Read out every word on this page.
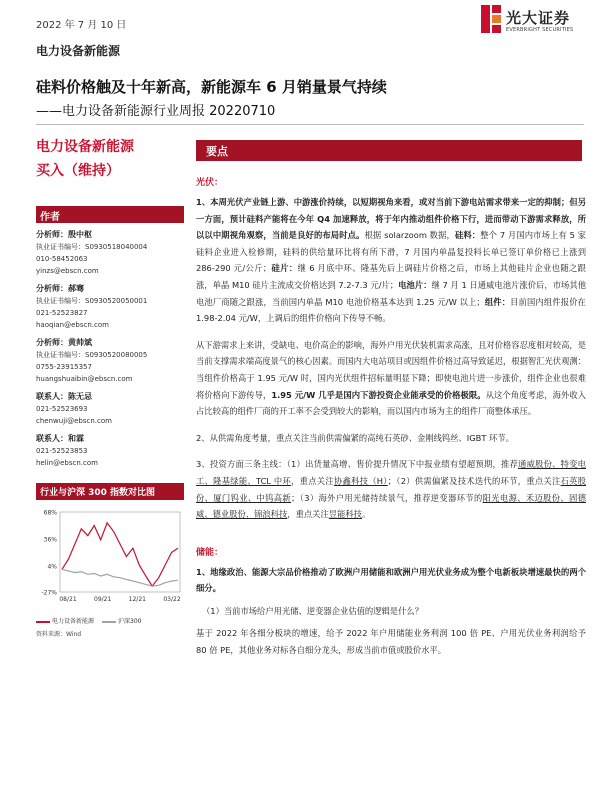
2022 年 7 月 10 日	光大证券
EVERBRIGHT SECURITIES
电力设备新能源
硅料价格触及十年新高，新能源车 6 月销量景气持续
——电力设备新能源行业周报 20220710
电力设备新能源
买入（维持）
作者
分析师：殷中枢
执业证书编号：S0930518040004
010-58452063
yinzs@ebscn.com
分析师：郝骞
执业证书编号：S0930520050001
021-52523827
haoqian@ebscn.com
分析师：黄帅斌
执业证书编号：S0930520080005
0755-23915357
huangshuaibin@ebscn.com
联系人：陈无忌
021-52523693
chenwuji@ebscn.com
联系人：和霖
021-52523853
helin@ebscn.com
行业与沪深 300 指数对比图
68%
36%
4%
-27%
08/21	09/21	12/21	03/22
电力设备新能源	沪深300
资料来源：Wind
要点
光伏：
1、本周光伏产业链上游、中游涨价持续，以短期视角来看，或对当前下游电站需求带来一定的抑制；但另一方面，预计硅料产能将在今年 Q4 加速释放，将于年内推动组件价格下行，进而带动下游需求释放，所以以中期视角观察，当前是良好的布局时点。根据 solarzoom 数据，硅料：整个 7 月国内市场上有 5 家硅料企业进入检修期，硅料的供给量环比将有所下滑，7 月国内单晶复投料长单已签订单价格已上涨到 286-290 元/公斤；硅片：继 6 月底中环、隆基先后上调硅片价格之后，市场上其他硅片企业也随之跟涨，单晶 M10 硅片主流成交价格达到 7.2-7.3 元/片；电池片：继 7 月 1 日通威电池片涨价后，市场其他电池厂商随之跟涨，当前国内单晶 M10 电池价格基本达到 1.25 元/W 以上；组件：目前国内组件报价在 1.98-2.04 元/W，上调后的组件价格向下传导不畅。
从下游需求上来讲，受缺电、电价高企的影响，海外户用光伏装机需求高涨，且对价格容忍度相对较高，是当前支撑需求端高度景气的核心因素。而国内大电站项目或因组件价格过高导致延迟，根据智汇光伏观测：当组件价格高于 1.95 元/W 时，国内光伏组件招标量明显下降；即使电池片进一步涨价，组件企业也很难将价格向下游传导，1.95 元/W 几乎是国内下游投资企业能承受的价格极限。从这个角度考虑，海外收入占比较高的组件厂商的开工率不会受到较大的影响，而以国内市场为主的组件厂商整体承压。
2、从供需角度考量，重点关注当前供需偏紧的高纯石英砂、金刚线钨丝、IGBT 环节。
3、投资方面三条主线：（1）出货量高增、售价提升情况下中报业绩有望超预期，推荐通威股份、特变电工、隆基绿能、TCL 中环，重点关注协鑫科技（H）；（2）供需偏紧及技术迭代的环节，重点关注石英股份、厦门钨业、中钨高新；（3）海外户用光储持续景气，推荐逆变器环节的阳光电源、禾迈股份、固德威、德业股份、锦浪科技，重点关注昱能科技。
储能：
1、地缘政治、能源大宗品价格推动了欧洲户用储能和欧洲户用光伏业务成为整个电新板块增速最快的两个细分。
（1）当前市场给户用光储、逆变器企业估值的逻辑是什么？
基于 2022 年各细分板块的增速，给予 2022 年户用储能业务利润 100 倍 PE、户用光伏业务利润给予 80 倍 PE，其他业务对标各自细分龙头，形成当前市值或股价水平。
